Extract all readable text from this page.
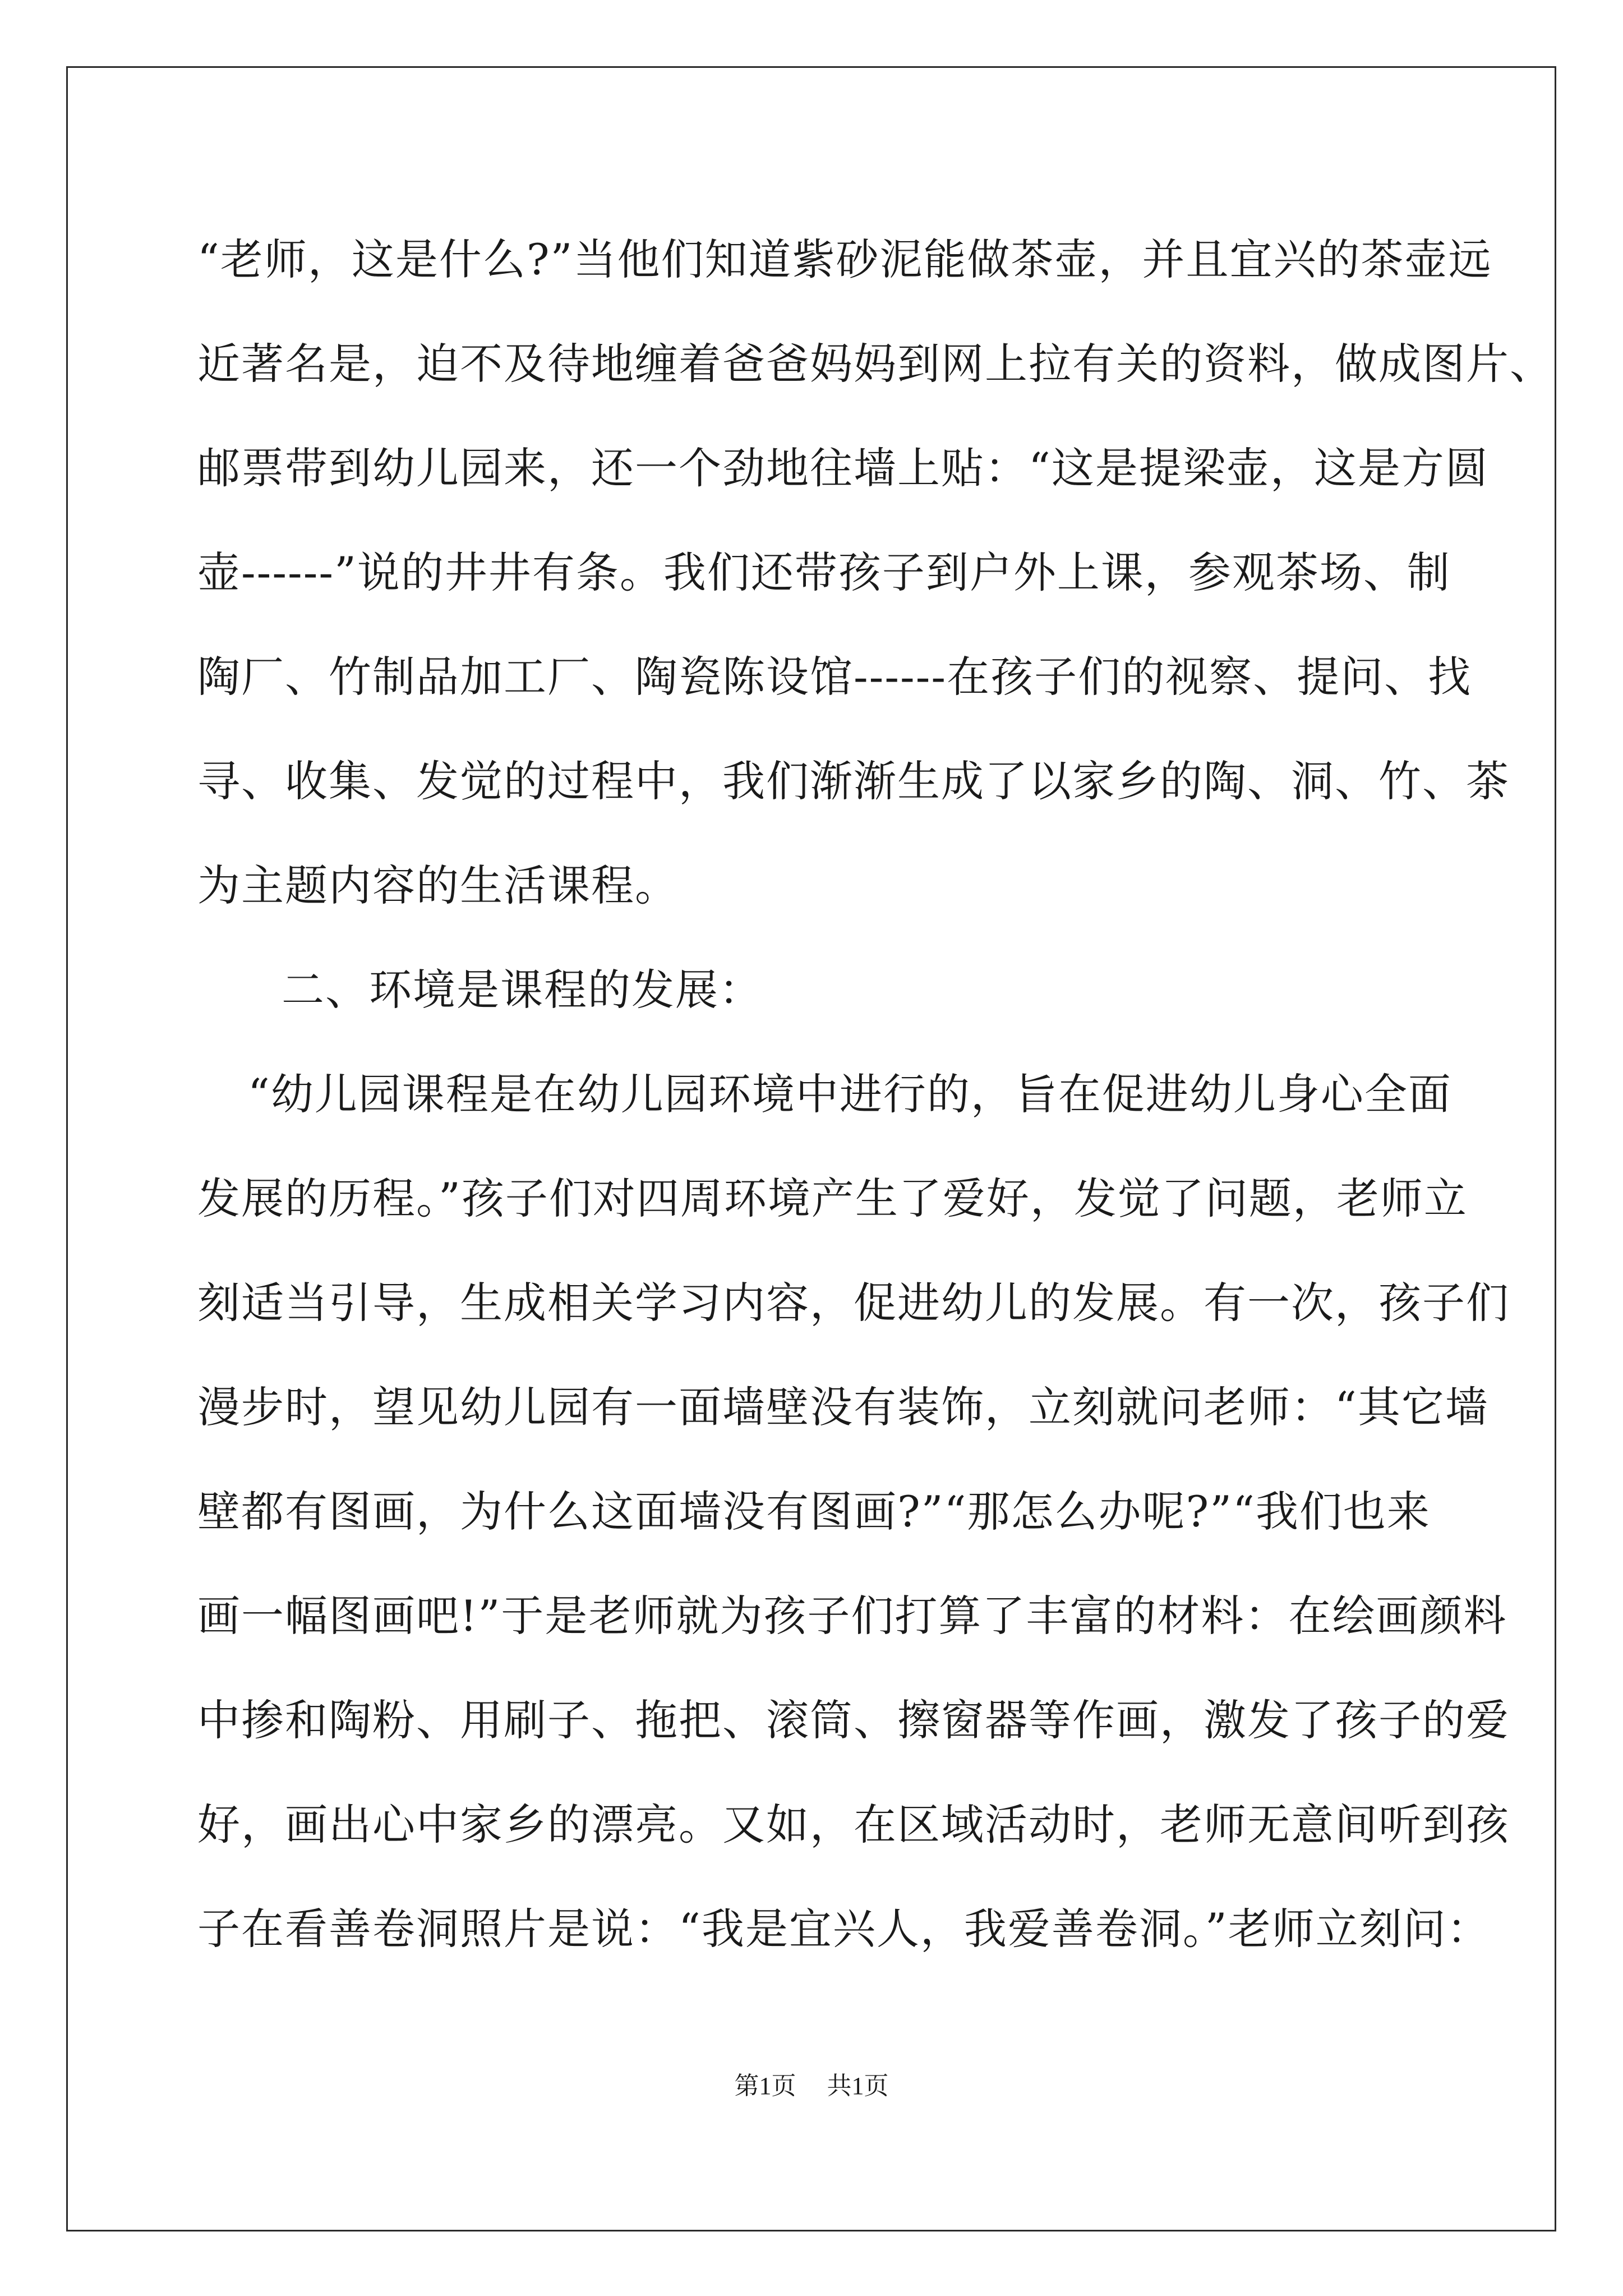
“老师，这是什么?”当他们知道紫砂泥能做茶壶，并且宜兴的茶壶远
近著名是，迫不及待地缠着爸爸妈妈到网上拉有关的资料，做成图片、
邮票带到幼儿园来，还一个劲地往墙上贴：“这是提梁壶，这是方圆
壶------”说的井井有条。我们还带孩子到户外上课，参观茶场、制
陶厂、竹制品加工厂、陶瓷陈设馆------在孩子们的视察、提问、找
寻、收集、发觉的过程中，我们渐渐生成了以家乡的陶、洞、竹、茶
为主题内容的生活课程。
二、环境是课程的发展：
“幼儿园课程是在幼儿园环境中进行的，旨在促进幼儿身心全面
发展的历程。”孩子们对四周环境产生了爱好，发觉了问题，老师立
刻适当引导，生成相关学习内容，促进幼儿的发展。有一次，孩子们
漫步时，望见幼儿园有一面墙壁没有装饰，立刻就问老师：“其它墙
壁都有图画，为什么这面墙没有图画?”“那怎么办呢?”“我们也来
画一幅图画吧!”于是老师就为孩子们打算了丰富的材料：在绘画颜料
中掺和陶粉、用刷子、拖把、滚筒、擦窗器等作画，激发了孩子的爱
好，画出心中家乡的漂亮。又如，在区域活动时，老师无意间听到孩
子在看善卷洞照片是说：“我是宜兴人，我爱善卷洞。”老师立刻问：
第1页 共1页
